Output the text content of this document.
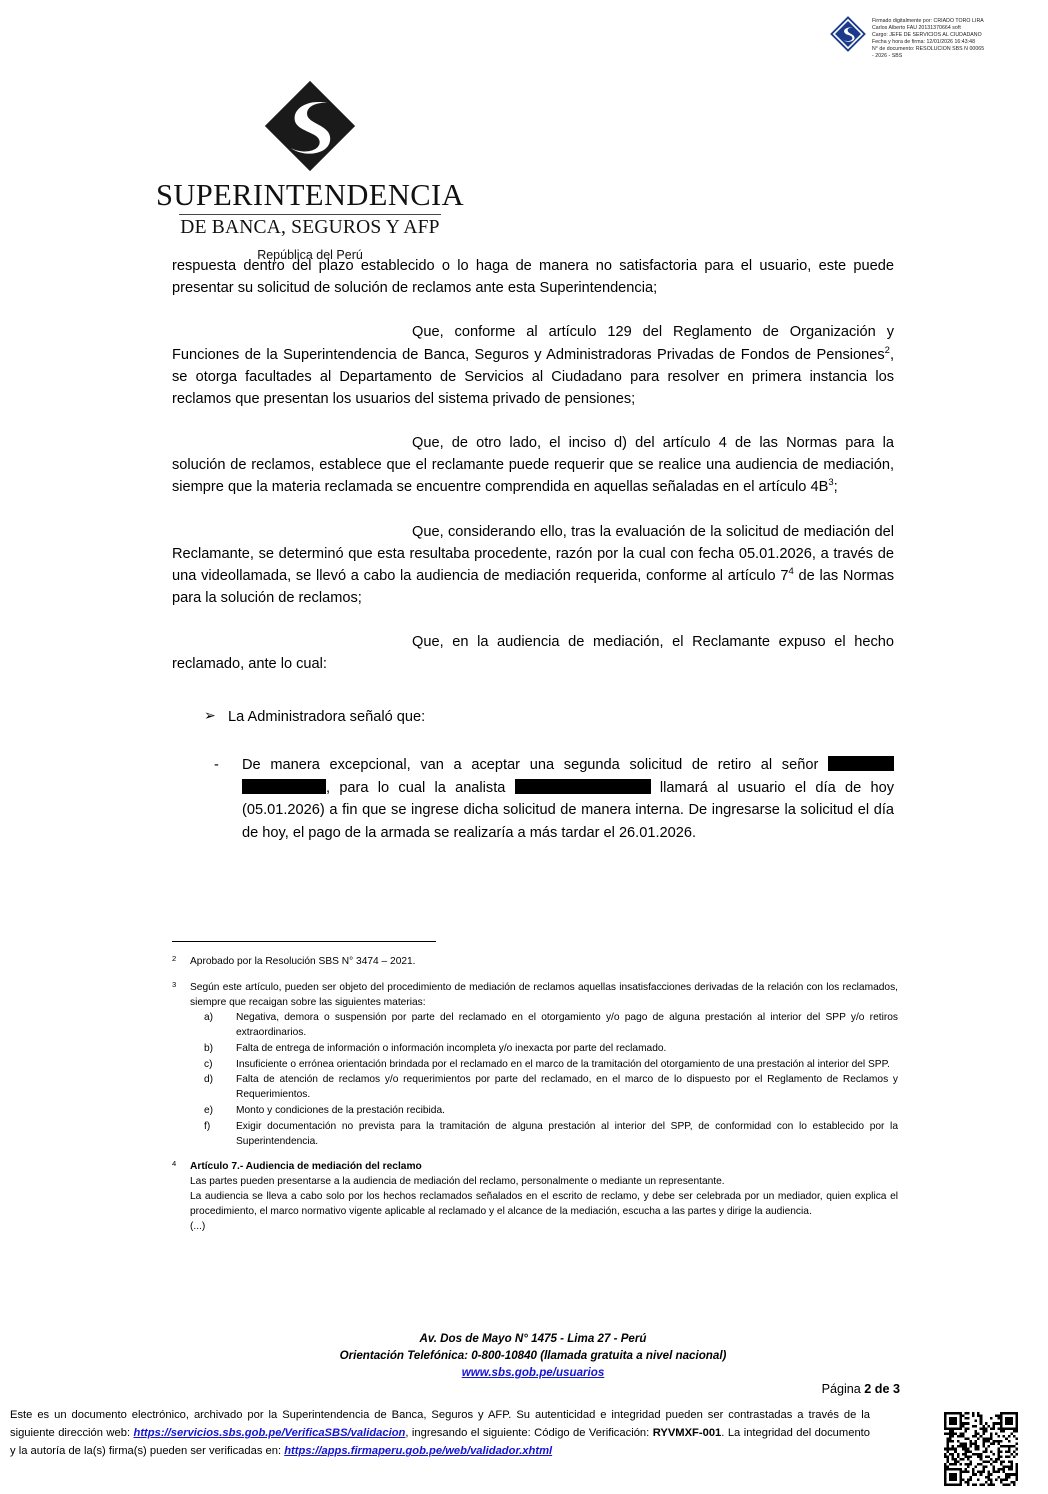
Firmado digitalmente por: CRIADO TORO LIRA
Carlos Alberto FAU 20131370664 soft
Cargo: JEFE DE SERVICIOS AL CIUDADANO
Fecha y hora de firma: 12/01/2026 16:43:48
N° de documento: RESOLUCION SBS N 00065
- 2026 - SBS
SUPERINTENDENCIA
DE BANCA, SEGUROS Y AFP
República del Perú

respuesta dentro del plazo establecido o lo haga de manera no satisfactoria para el usuario, este puede presentar su solicitud de solución de reclamos ante esta Superintendencia;

Que, conforme al artículo 129 del Reglamento de Organización y Funciones de la Superintendencia de Banca, Seguros y Administradoras Privadas de Fondos de Pensiones$^2$, se otorga facultades al Departamento de Servicios al Ciudadano para resolver en primera instancia los reclamos que presentan los usuarios del sistema privado de pensiones;

Que, de otro lado, el inciso d) del artículo 4 de las Normas para la solución de reclamos, establece que el reclamante puede requerir que se realice una audiencia de mediación, siempre que la materia reclamada se encuentre comprendida en aquellas señaladas en el artículo $4B^3$;

Que, considerando ello, tras la evaluación de la solicitud de mediación del Reclamante, se determinó que esta resultaba procedente, razón por la cual con fecha 05.01.2026, a través de una videollamada, se llevó a cabo la audiencia de mediación requerida, conforme al artículo $7^4$ de las Normas para la solución de reclamos;

Que, en la audiencia de mediación, el Reclamante expuso el hecho reclamado, ante lo cual:

➢ La Administradora señaló que:
- De manera excepcional, van a aceptar una segunda solicitud de retiro al señor , para lo cual la analista	llamará al usuario el día de hoy (05.01.2026) a fin que se ingrese dicha solicitud de manera interna. De ingresarse la solicitud el día de hoy, el pago de la armada se realizaría a más tardar el 26.01.2026.
2 Aprobado por la Resolución SBS N° 3474 – 2021.

3 Según este artículo, pueden ser objeto del procedimiento de mediación de reclamos aquellas insatisfacciones derivadas de la relación con los reclamados, siempre que recaigan sobre las siguientes materias:

a) Negativa, demora o suspensión por parte del reclamado en el otorgamiento y/o pago de alguna prestación al interior del SPP y/o retiros extraordinarios.
b) Falta de entrega de información o información incompleta y/o inexacta por parte del reclamado.
c) Insuficiente o errónea orientación brindada por el reclamado en el marco de la tramitación del otorgamiento de una prestación al interior del SPP.
d) Falta de atención de reclamos y/o requerimientos por parte del reclamado, en el marco de lo dispuesto por el Reglamento de Reclamos y Requerimientos.
e) Monto y condiciones de la prestación recibida.
f)	Exigir documentación no prevista para la tramitación de alguna prestación al interior del SPP, de conformidad con lo establecido por la Superintendencia.
4 Artículo 7.- Audiencia de mediación del reclamo

Las partes pueden presentarse a la audiencia de mediación del reclamo, personalmente o mediante un representante.

La audiencia se lleva a cabo solo por los hechos reclamados señalados en el escrito de reclamo, y debe ser celebrada por un mediador, quien explica el procedimiento, el marco normativo vigente aplicable al reclamado y el alcance de la mediación, escucha a las partes y dirige la audiencia.

(...)

Av. Dos de Mayo N° 1475 - Lima 27 - Perú
Orientación Telefónica: 0-800-10840 (llamada gratuita a nivel nacional)
www.sbs.gob.pe/usuarios
Página 2 de 3
Este es un documento electrónico, archivado por la Superintendencia de Banca, Seguros y AFP. Su autenticidad e integridad pueden ser contrastadas a través de la siguiente dirección web: https://servicios.sbs.gob.pe/VerificaSBS/validacion, ingresando el siguiente: Código de Verificación: RYVMXF-001. La integridad del documento y la autoría de la(s) firma(s) pueden ser verificadas en: https://apps.firmaperu.gob.pe/web/validador.xhtml
